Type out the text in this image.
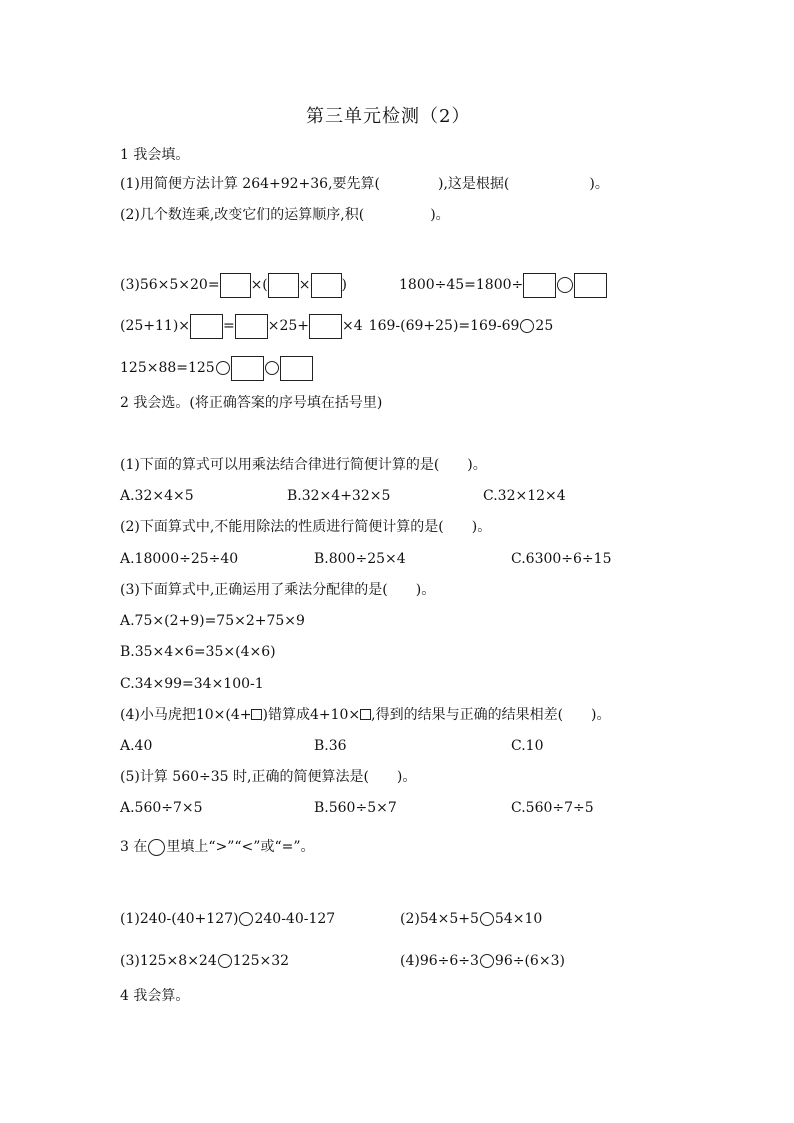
第三单元检测（2）
1 我会填。
(1)用简便方法计算 264+92+36,要先算(	),这是根据(	)。
(2)几个数连乘,改变它们的运算顺序,积(	)。
(3)56×5×20= ×( × )	1800÷45=1800÷
(25+11)× = ×25+ ×4 169-(69+25)=169-69 25
125×88=125
2 我会选。(将正确答案的序号填在括号里)
(1)下面的算式可以用乘法结合律进行简便计算的是(　　)。
A.32×4×5	B.32×4+32×5	C.32×12×4
(2)下面算式中,不能用除法的性质进行简便计算的是(　　)。
A.18000÷25÷40	B.800÷25×4	C.6300÷6÷15
(3)下面算式中,正确运用了乘法分配律的是(　　)。
A.75×(2+9)=75×2+75×9
B.35×4×6=35×(4×6)
C.34×99=34×100-1
(4)小马虎把10×(4+ )错算成4+10× ,得到的结果与正确的结果相差(　　)。
A.40	B.36	C.10
(5)计算 560÷35 时,正确的简便算法是(　　)。
A.560÷7×5	B.560÷5×7	C.560÷7÷5
3 在 里填上“>”“<”或“=”。
(1)240-(40+127) 240-40-127	(2)54×5+5 54×10
(3)125×8×24 125×32	(4)96÷6÷3 96÷(6×3)
4 我会算。
